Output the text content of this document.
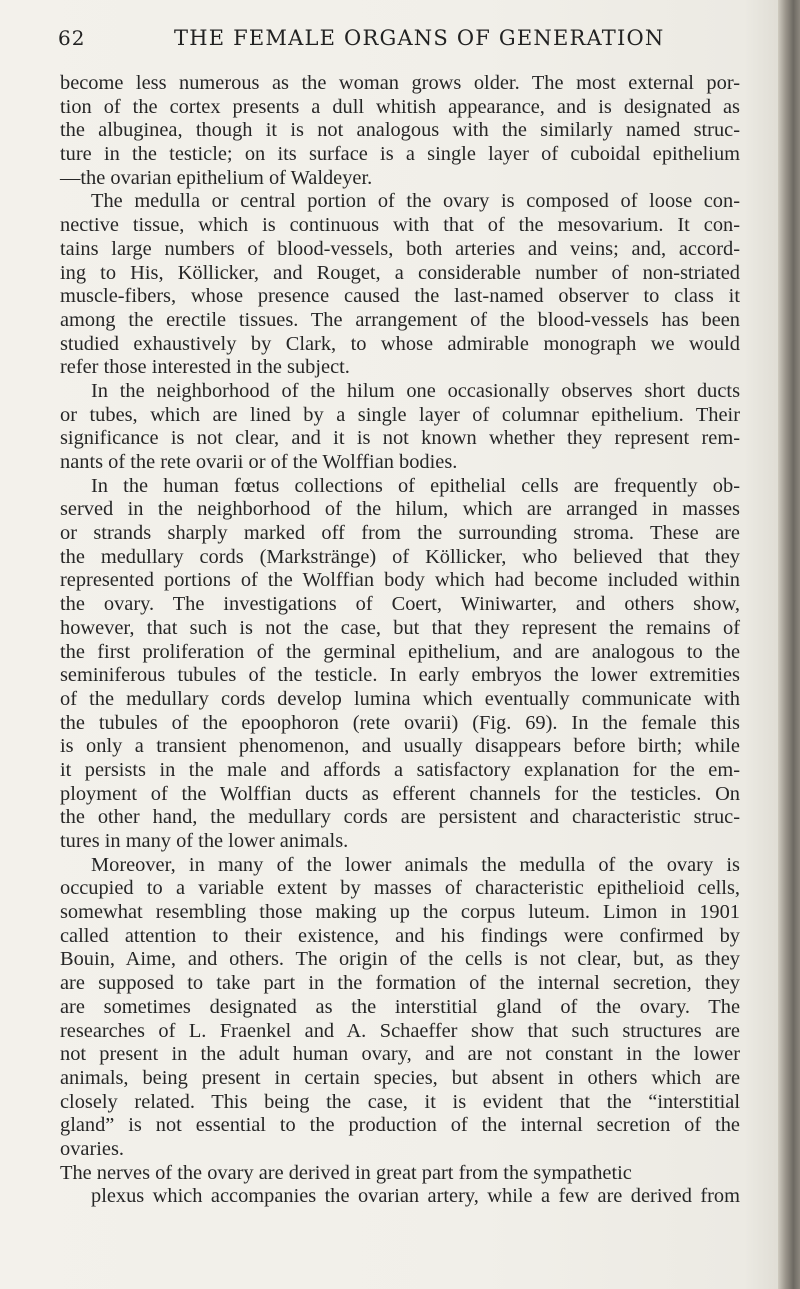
62	THE FEMALE ORGANS OF GENERATION
become less numerous as the woman grows older. The most external por-
tion of the cortex presents a dull whitish appearance, and is designated as
the albuginea, though it is not analogous with the similarly named struc-
ture in the testicle; on its surface is a single layer of cuboidal epithelium
—the ovarian epithelium of Waldeyer.
The medulla or central portion of the ovary is composed of loose con-
nective tissue, which is continuous with that of the mesovarium. It con-
tains large numbers of blood-vessels, both arteries and veins; and, accord-
ing to His, Köllicker, and Rouget, a considerable number of non-striated
muscle-fibers, whose presence caused the last-named observer to class it
among the erectile tissues. The arrangement of the blood-vessels has been
studied exhaustively by Clark, to whose admirable monograph we would
refer those interested in the subject.
In the neighborhood of the hilum one occasionally observes short ducts
or tubes, which are lined by a single layer of columnar epithelium. Their
significance is not clear, and it is not known whether they represent rem-
nants of the rete ovarii or of the Wolffian bodies.
In the human fœtus collections of epithelial cells are frequently ob-
served in the neighborhood of the hilum, which are arranged in masses
or strands sharply marked off from the surrounding stroma. These are
the medullary cords (Markstränge) of Köllicker, who believed that they
represented portions of the Wolffian body which had become included within
the ovary. The investigations of Coert, Winiwarter, and others show,
however, that such is not the case, but that they represent the remains of
the first proliferation of the germinal epithelium, and are analogous to the
seminiferous tubules of the testicle. In early embryos the lower extremities
of the medullary cords develop lumina which eventually communicate with
the tubules of the epoophoron (rete ovarii) (Fig. 69). In the female this
is only a transient phenomenon, and usually disappears before birth; while
it persists in the male and affords a satisfactory explanation for the em-
ployment of the Wolffian ducts as efferent channels for the testicles. On
the other hand, the medullary cords are persistent and characteristic struc-
tures in many of the lower animals.
Moreover, in many of the lower animals the medulla of the ovary is
occupied to a variable extent by masses of characteristic epithelioid cells,
somewhat resembling those making up the corpus luteum. Limon in 1901
called attention to their existence, and his findings were confirmed by
Bouin, Aime, and others. The origin of the cells is not clear, but, as they
are supposed to take part in the formation of the internal secretion, they
are sometimes designated as the interstitial gland of the ovary. The
researches of L. Fraenkel and A. Schaeffer show that such structures are
not present in the adult human ovary, and are not constant in the lower
animals, being present in certain species, but absent in others which are
closely related. This being the case, it is evident that the “interstitial
gland” is not essential to the production of the internal secretion of the
ovaries.
The nerves of the ovary are derived in great part from the sympathetic
plexus which accompanies the ovarian artery, while a few are derived from
